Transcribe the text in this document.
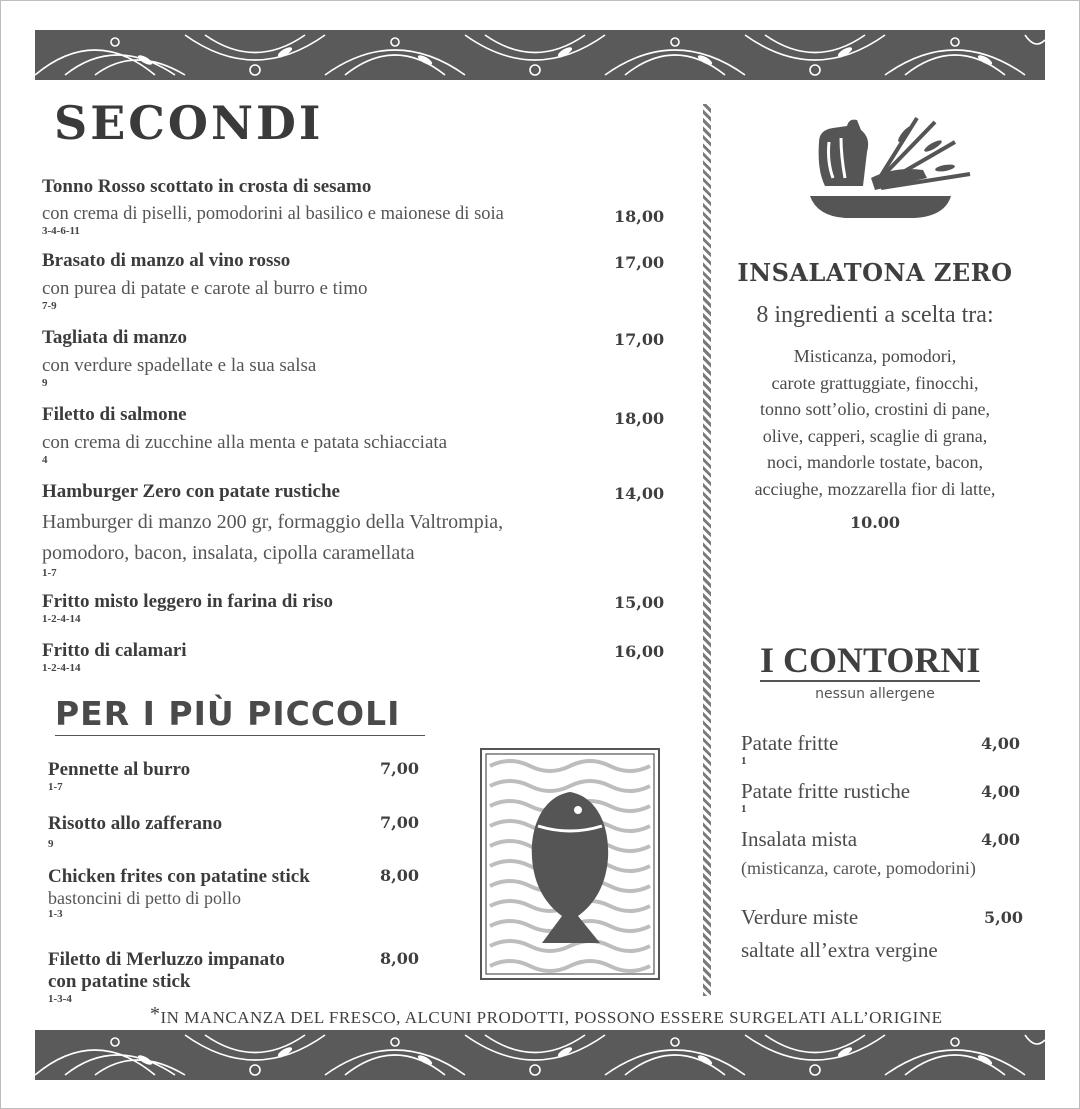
SECONDI
Tonno Rosso scottato in crosta di sesamo
con crema di piselli, pomodorini al basilico e maionese di soia
3-4-6-11
18,00
Brasato di manzo al vino rosso
con purea di patate e carote al burro e timo
7-9
17,00
Tagliata di manzo
con verdure spadellate e la sua salsa
9
17,00
Filetto di salmone
con crema di zucchine alla menta e patata schiacciata
4
18,00
Hamburger Zero con patate rustiche
Hamburger di manzo 200 gr, formaggio della Valtrompia,
pomodoro, bacon, insalata, cipolla caramellata
1-7
14,00
Fritto misto leggero in farina di riso
1-2-4-14
15,00
Fritto di calamari
1-2-4-14
16,00
PER I PIÙ PICCOLI
Pennette al burro
1-7
7,00
Risotto allo zafferano
9
7,00
Chicken frites con patatine stick
bastoncini di petto di pollo
1-3
8,00
Filetto di Merluzzo impanato
con patatine stick
1-3-4
8,00
INSALATONA ZERO
8 ingredienti a scelta tra:
Misticanza, pomodori,
carote grattuggiate, finocchi,
tonno sott’olio, crostini di pane,
olive, capperi, scaglie di grana,
noci, mandorle tostate, bacon,
acciughe, mozzarella fior di latte,
10.00
I CONTORNI
nessun allergene
Patate fritte
1
4,00
Patate fritte rustiche
1
4,00
Insalata mista
(misticanza, carote, pomodorini)
4,00
Verdure miste
saltate all’extra vergine
5,00
*IN MANCANZA DEL FRESCO, ALCUNI PRODOTTI, POSSONO ESSERE SURGELATI ALL’ORIGINE
